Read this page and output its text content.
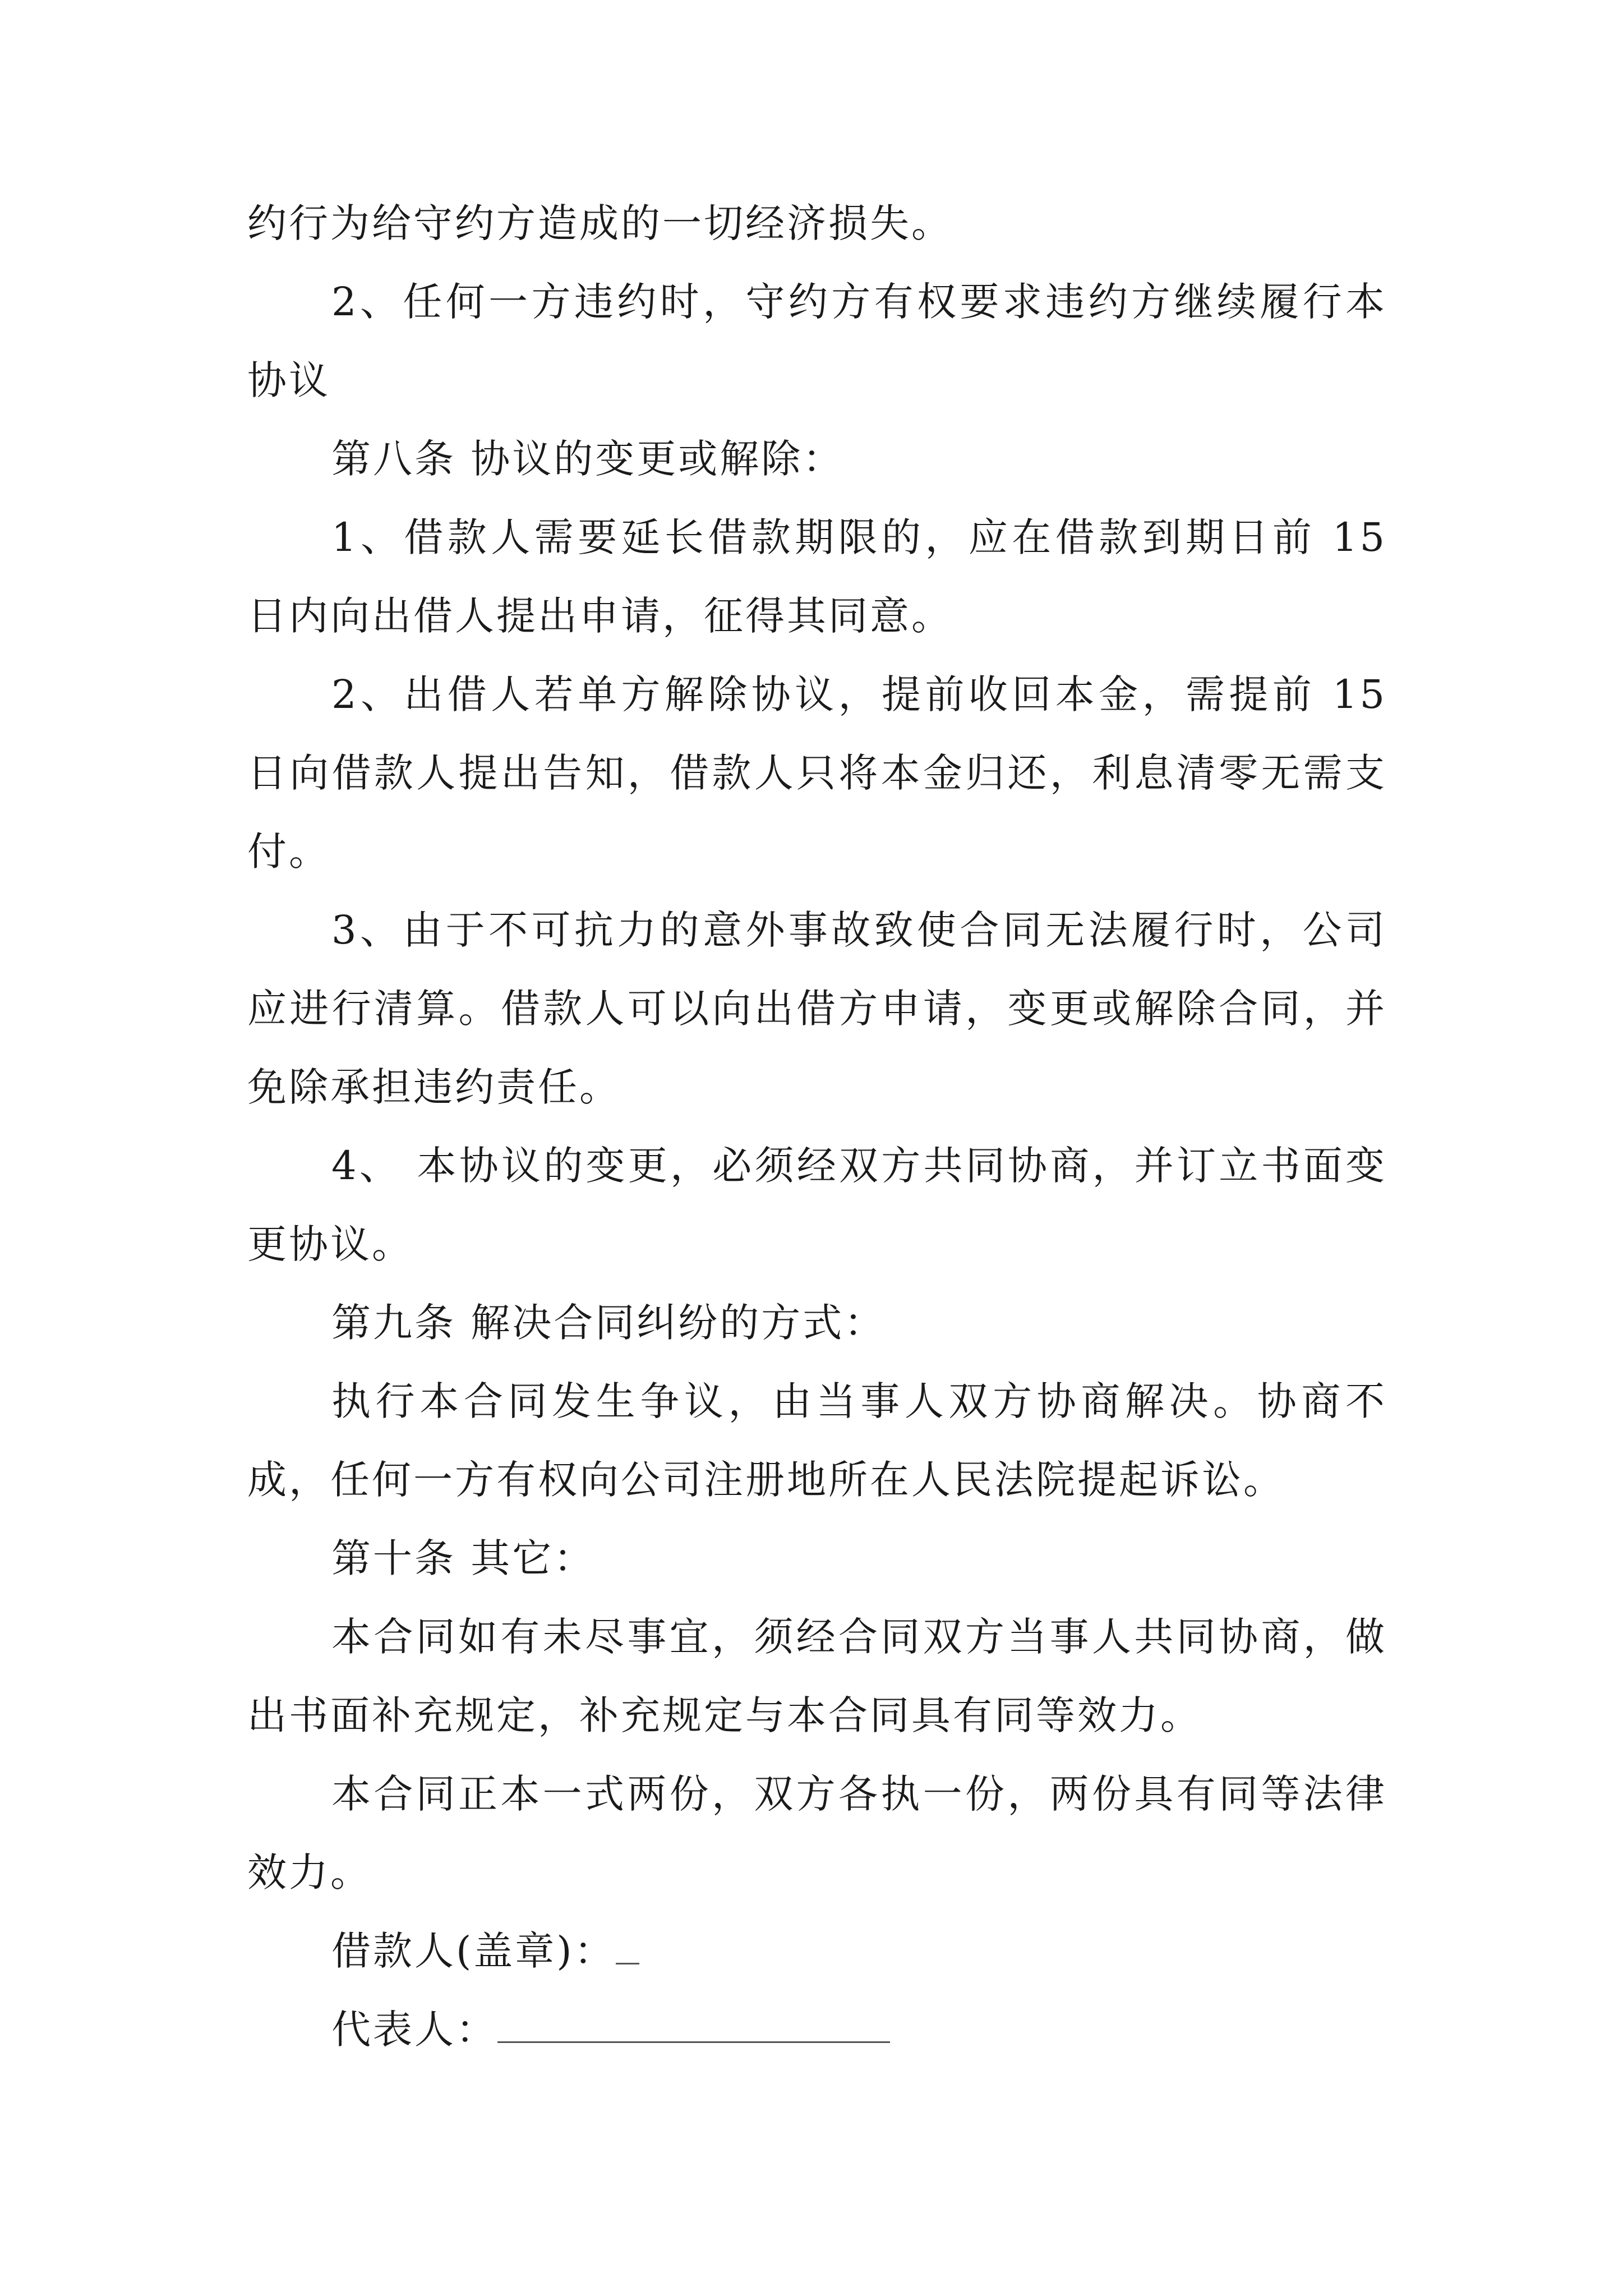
约行为给守约方造成的一切经济损失。

2、任何一方违约时，守约方有权要求违约方继续履行本协议

第八条 协议的变更或解除：

1、借款人需要延长借款期限的，应在借款到期日前 15 日内向出借人提出申请，征得其同意。

2、出借人若单方解除协议，提前收回本金，需提前 15 日向借款人提出告知，借款人只将本金归还，利息清零无需支付。

3、由于不可抗力的意外事故致使合同无法履行时，公司应进行清算。借款人可以向出借方申请，变更或解除合同，并免除承担违约责任。

4、 本协议的变更，必须经双方共同协商，并订立书面变更协议。

第九条 解决合同纠纷的方式：

执行本合同发生争议，由当事人双方协商解决。协商不成，任何一方有权向公司注册地所在人民法院提起诉讼。

第十条 其它：

本合同如有未尽事宜，须经合同双方当事人共同协商，做出书面补充规定，补充规定与本合同具有同等效力。

本合同正本一式两份，双方各执一份，两份具有同等法律效力。

借款人(盖章)：

代表人：
